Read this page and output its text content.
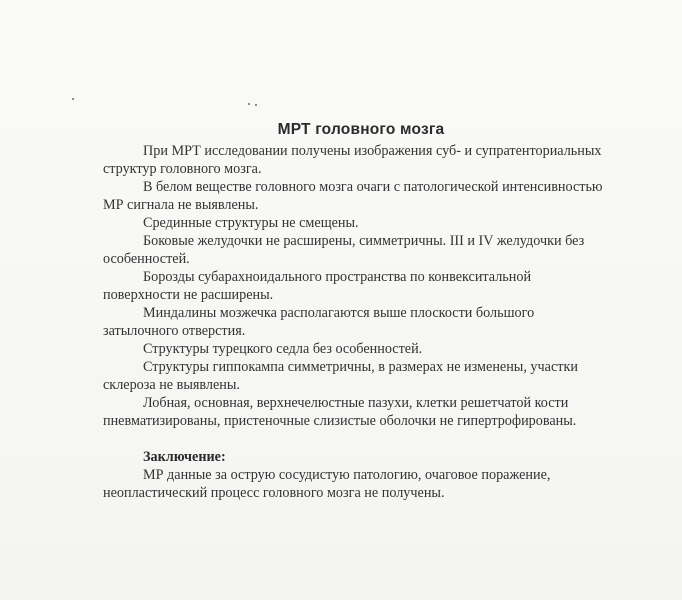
МРТ головного мозга

При МРТ исследовании получены изображения суб- и супратенториальных структур головного мозга.

В белом веществе головного мозга очаги с патологической интенсивностью МР сигнала не выявлены.

Срединные структуры не смещены.

Боковые желудочки не расширены, симметричны. III и IV желудочки без особенностей.

Борозды субарахноидального пространства по конвекситальной поверхности не расширены.

Миндалины мозжечка располагаются выше плоскости большого затылочного отверстия.

Структуры турецкого седла без особенностей.

Структуры гиппокампа симметричны, в размерах не изменены, участки склероза не выявлены.

Лобная, основная, верхнечелюстные пазухи, клетки решетчатой кости пневматизированы, пристеночные слизистые оболочки не гипертрофированы.

Заключение:

МР данные за острую сосудистую патологию, очаговое поражение, неопластический процесс головного мозга не получены.
